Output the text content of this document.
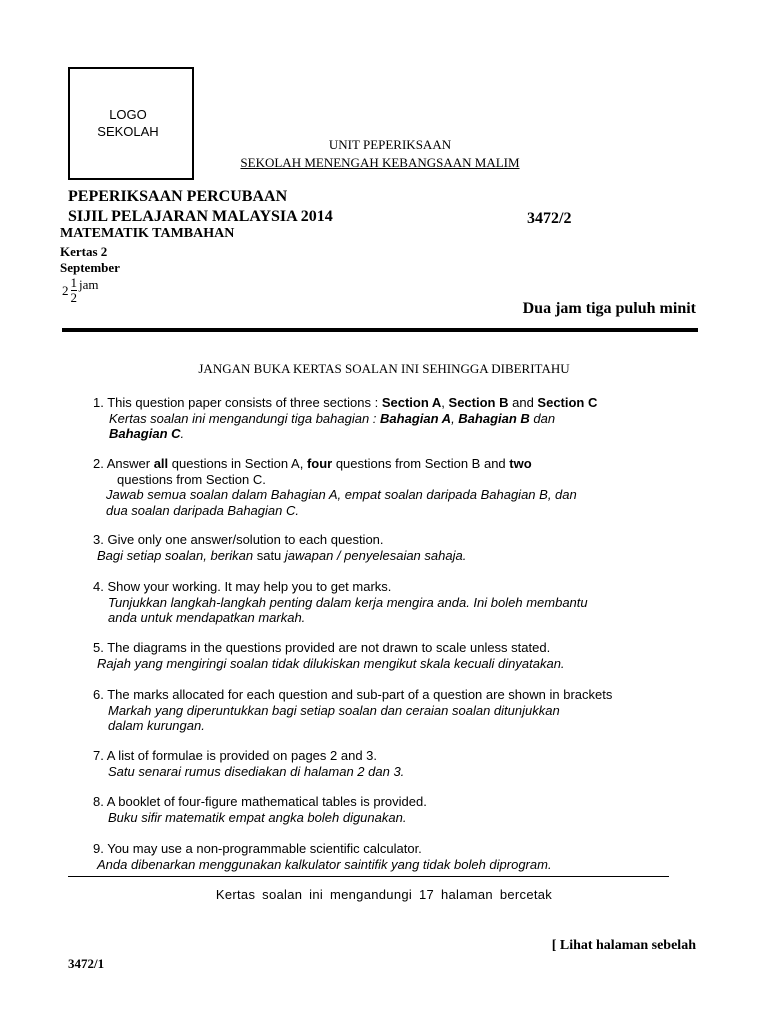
LOGO
SEKOLAH
UNIT PEPERIKSAAN
SEKOLAH MENENGAH KEBANGSAAN MALIM
PEPERIKSAAN PERCUBAAN
SIJIL PELAJARAN MALAYSIA 2014	3472/2
MATEMATIK TAMBAHAN
Kertas 2
September
$2 \frac{1}{2}$ jam
Dua jam tiga puluh minit
JANGAN BUKA KERTAS SOALAN INI SEHINGGA DIBERITAHU
1. This question paper consists of three sections : Section A, Section B and Section C
Kertas soalan ini mengandungi tiga bahagian : Bahagian A, Bahagian B dan
Bahagian C.
2. Answer all questions in Section A, four questions from Section B and two
questions from Section C.
Jawab semua soalan dalam Bahagian A, empat soalan daripada Bahagian B, dan
dua soalan daripada Bahagian C.
3. Give only one answer/solution to each question.
Bagi setiap soalan, berikan satu jawapan / penyelesaian sahaja.
4. Show your working. It may help you to get marks.
Tunjukkan langkah-langkah penting dalam kerja mengira anda. Ini boleh membantu
anda untuk mendapatkan markah.
5. The diagrams in the questions provided are not drawn to scale unless stated.
Rajah yang mengiringi soalan tidak dilukiskan mengikut skala kecuali dinyatakan.
6. The marks allocated for each question and sub-part of a question are shown in brackets
Markah yang diperuntukkan bagi setiap soalan dan ceraian soalan ditunjukkan
dalam kurungan.
7. A list of formulae is provided on pages 2 and 3.
Satu senarai rumus disediakan di halaman 2 dan 3.
8. A booklet of four-figure mathematical tables is provided.
Buku sifir matematik empat angka boleh digunakan.
9. You may use a non-programmable scientific calculator.
Anda dibenarkan menggunakan kalkulator saintifik yang tidak boleh diprogram.
Kertas soalan ini mengandungi 17 halaman bercetak
[ Lihat halaman sebelah
3472/1
